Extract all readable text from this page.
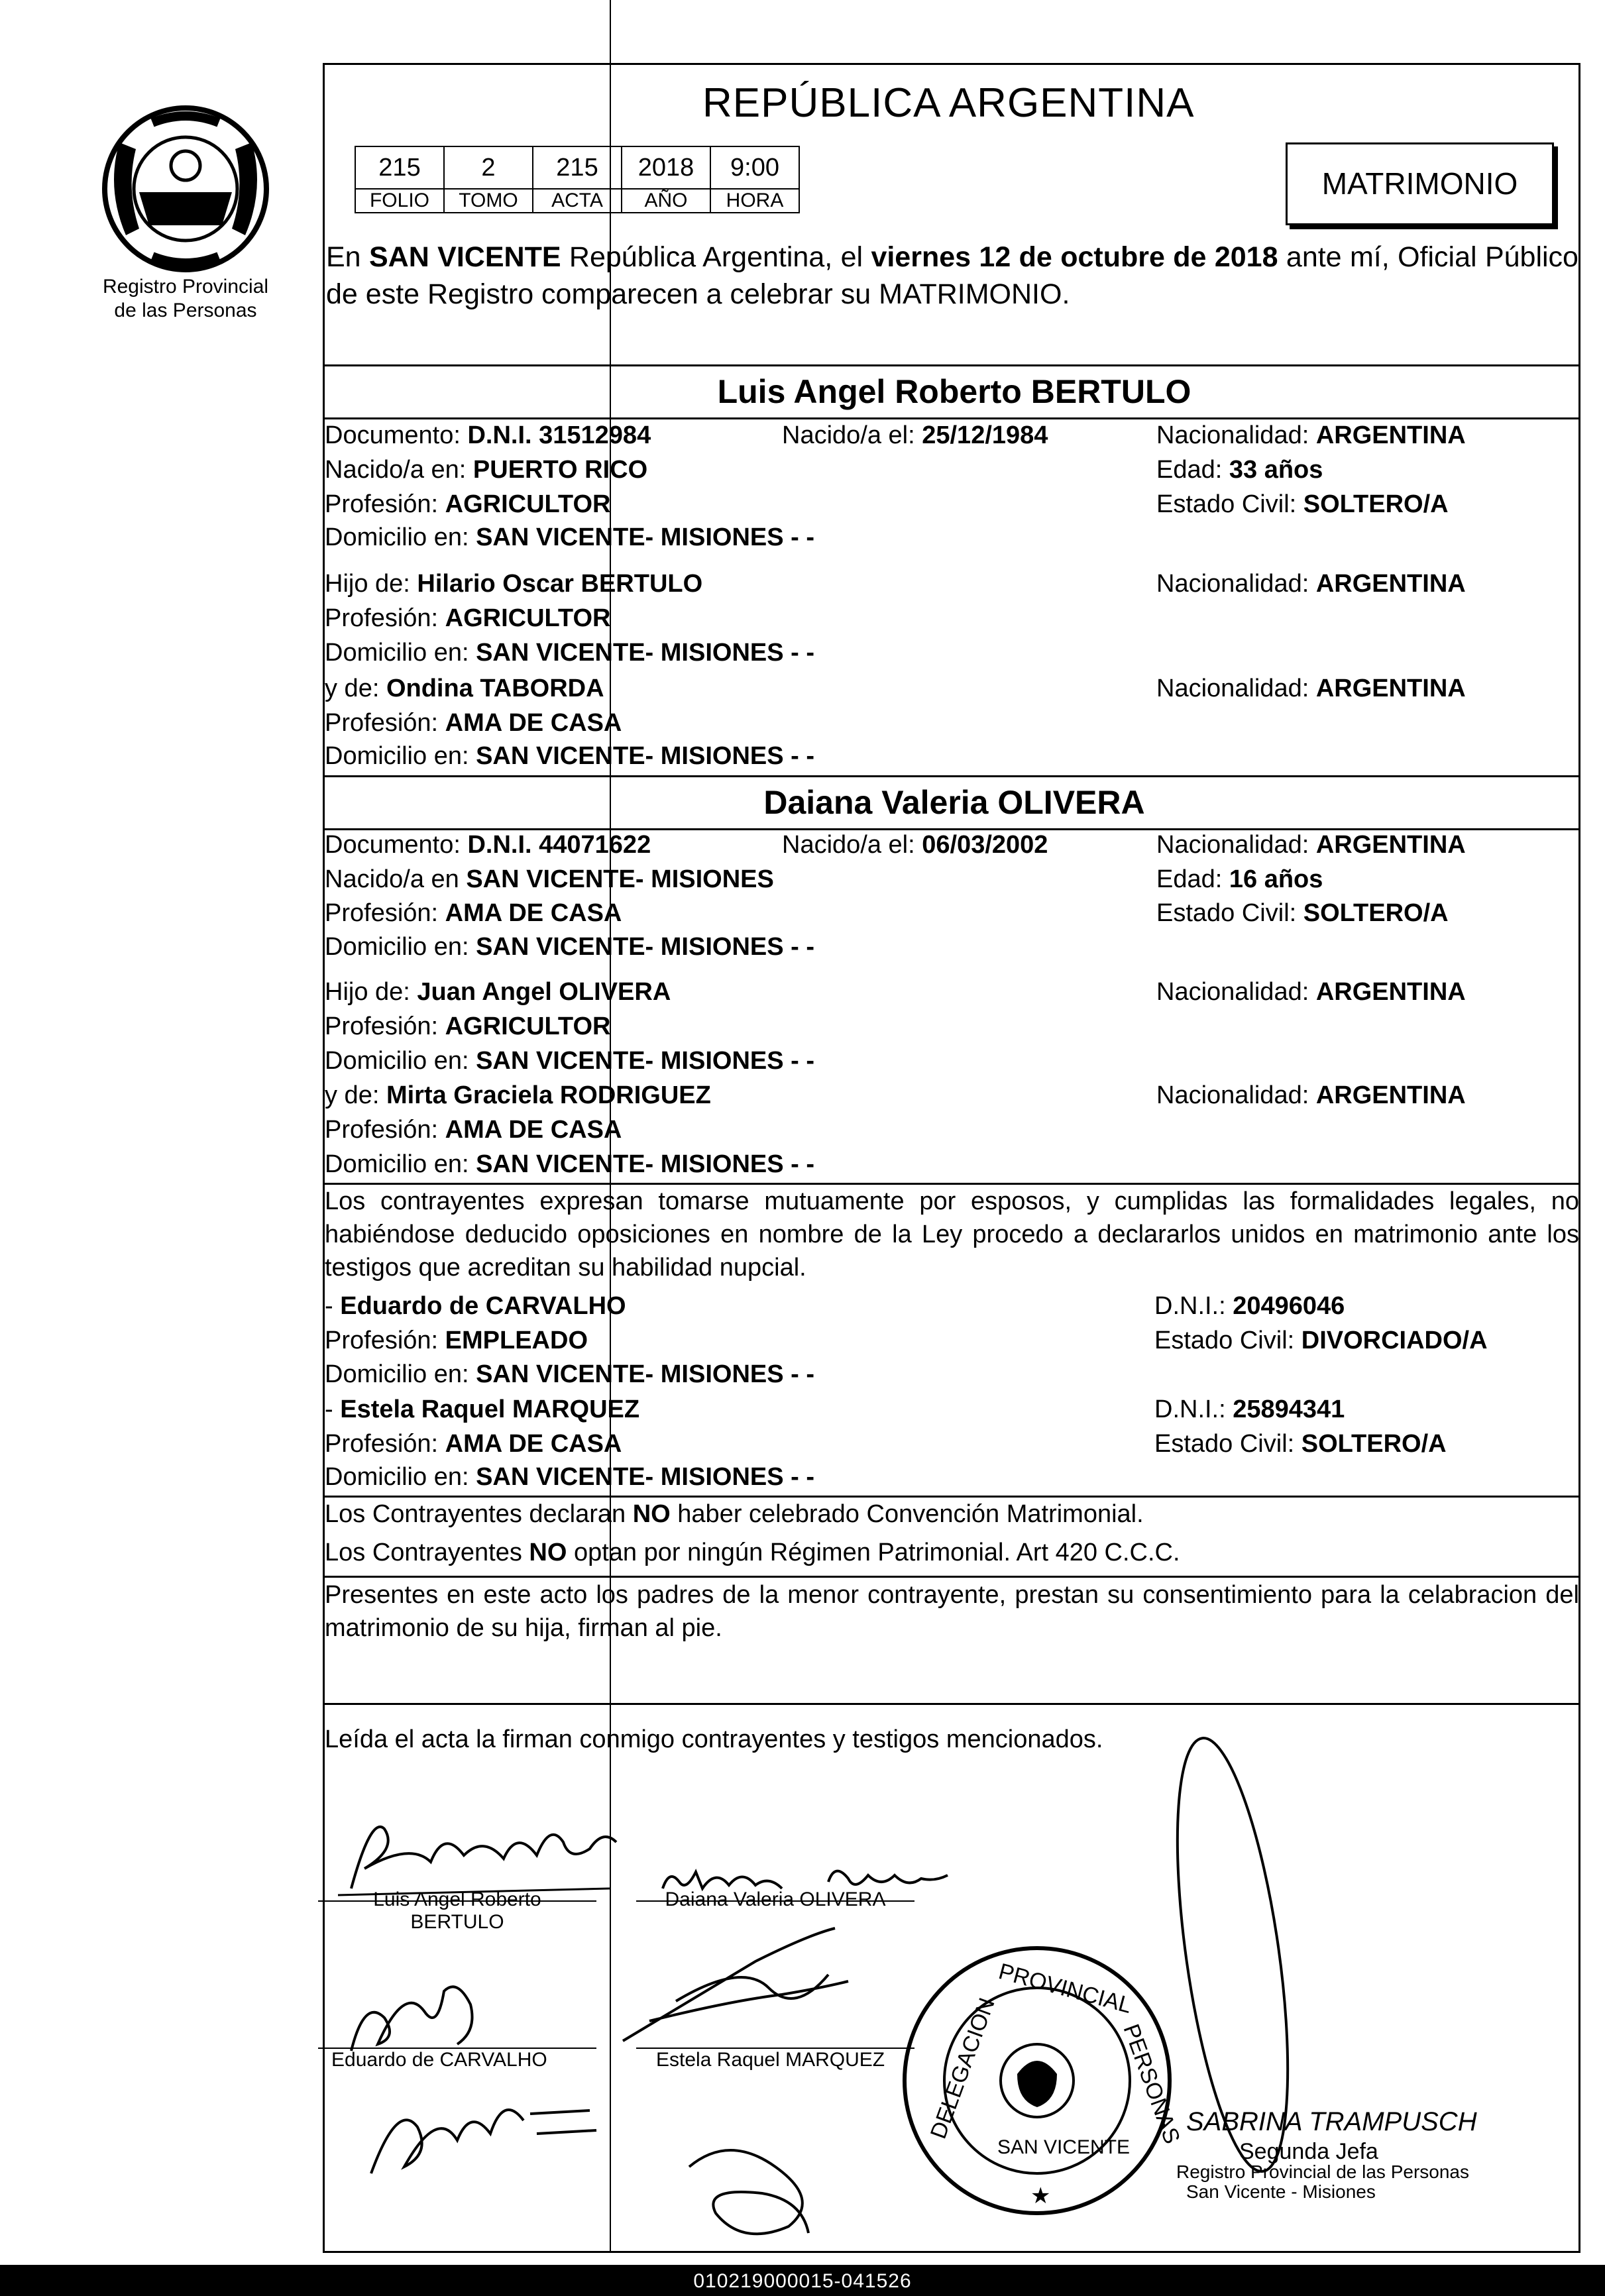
Registro Provincial
de las Personas
REPÚBLICA ARGENTINA
215	2	215	2018	9:00
FOLIO	TOMO	ACTA	AÑO	HORA	MATRIMONIO
En SAN VICENTE República Argentina, el viernes 12 de octubre de 2018 ante mí, Oficial Público de este Registro comparecen a celebrar su MATRIMONIO.
Luis Angel Roberto BERTULO
Documento: D.N.I. 31512984	Nacido/a el: 25/12/1984	Nacionalidad: ARGENTINA
Nacido/a en: PUERTO RICO	Edad: 33 años
Profesión: AGRICULTOR	Estado Civil: SOLTERO/A
Domicilio en: SAN VICENTE- MISIONES - -
Hijo de: Hilario Oscar BERTULO	Nacionalidad: ARGENTINA
Profesión: AGRICULTOR
Domicilio en: SAN VICENTE- MISIONES - -
y de: Ondina TABORDA	Nacionalidad: ARGENTINA
Profesión: AMA DE CASA
Domicilio en: SAN VICENTE- MISIONES - -
Daiana Valeria OLIVERA
Documento: D.N.I. 44071622	Nacido/a el: 06/03/2002	Nacionalidad: ARGENTINA
Nacido/a en SAN VICENTE- MISIONES	Edad: 16 años
Profesión: AMA DE CASA	Estado Civil: SOLTERO/A
Domicilio en: SAN VICENTE- MISIONES - -
Hijo de: Juan Angel OLIVERA	Nacionalidad: ARGENTINA
Profesión: AGRICULTOR
Domicilio en: SAN VICENTE- MISIONES - -
y de: Mirta Graciela RODRIGUEZ	Nacionalidad: ARGENTINA
Profesión: AMA DE CASA
Domicilio en: SAN VICENTE- MISIONES - -
Los contrayentes expresan tomarse mutuamente por esposos, y cumplidas las formalidades legales, no habiéndose deducido oposiciones en nombre de la Ley procedo a declararlos unidos en matrimonio ante los testigos que acreditan su habilidad nupcial.
- Eduardo de CARVALHO	D.N.I.: 20496046
Profesión: EMPLEADO	Estado Civil: DIVORCIADO/A
Domicilio en: SAN VICENTE- MISIONES - -
- Estela Raquel MARQUEZ	D.N.I.: 25894341
Profesión: AMA DE CASA	Estado Civil: SOLTERO/A
Domicilio en: SAN VICENTE- MISIONES - -
Los Contrayentes declaran NO haber celebrado Convención Matrimonial.
Los Contrayentes NO optan por ningún Régimen Patrimonial. Art 420 C.C.C.
Presentes en este acto los padres de la menor contrayente, prestan su consentimiento para la celabracion del matrimonio de su hija, firman al pie.
Leída el acta la firman conmigo contrayentes y testigos mencionados.
Luis Angel Roberto
BERTULO
Daiana Valeria OLIVERA
Eduardo de CARVALHO	Estela Raquel MARQUEZ	DELEGACION
PROVINCIAL
PERSONAS
SAN VICENTE
★
SABRINA TRAMPUSCH
Segunda Jefa
Registro Provincial de las Personas
San Vicente - Misiones
010219000015-041526
